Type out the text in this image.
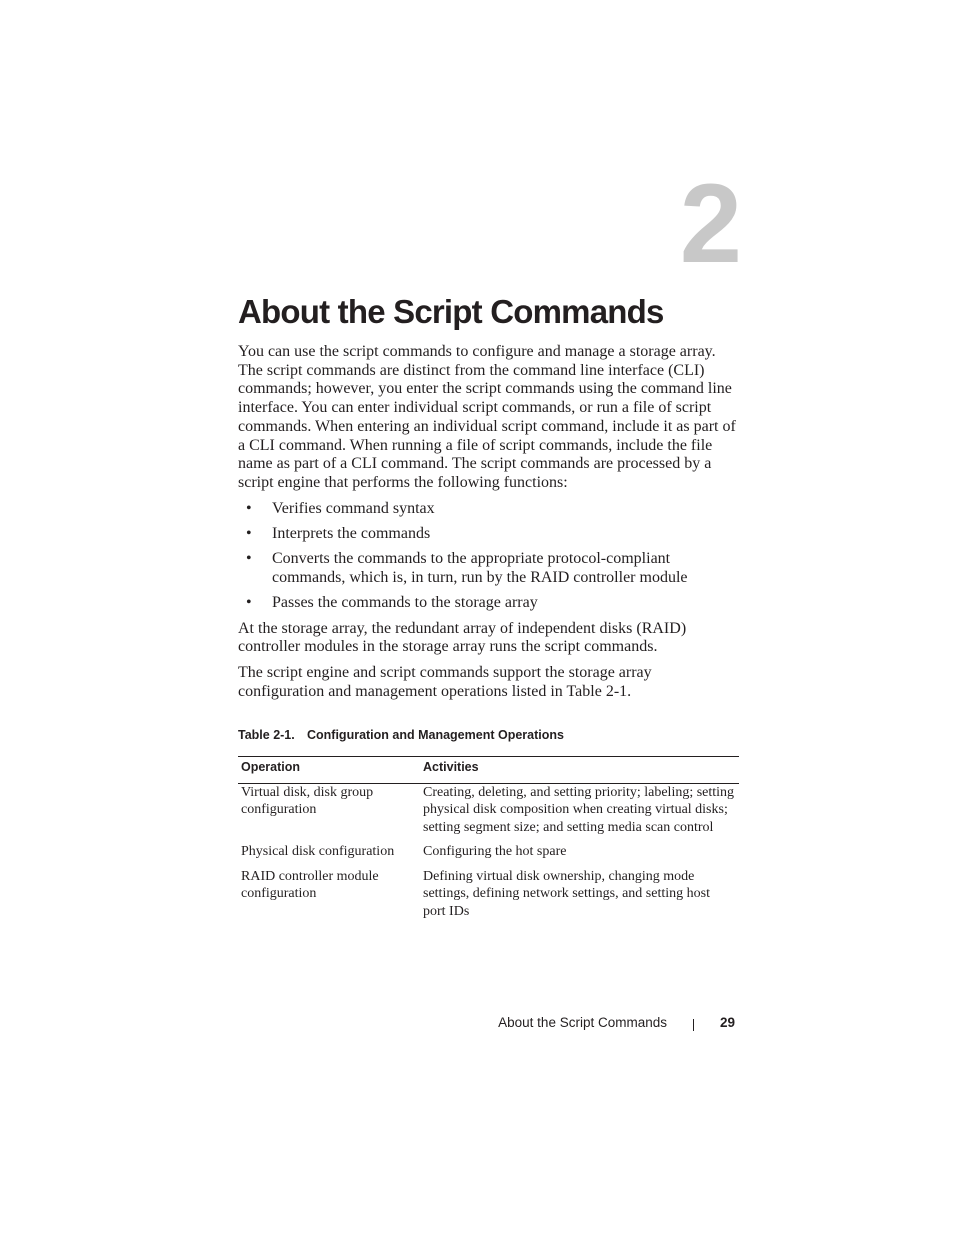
2
About the Script Commands

You can use the script commands to configure and manage a storage array. The script commands are distinct from the command line interface (CLI) commands; however, you enter the script commands using the command line interface. You can enter individual script commands, or run a file of script commands. When entering an individual script command, include it as part of a CLI command. When running a file of script commands, include the file name as part of a CLI command. The script commands are processed by a script engine that performs the following functions:

• Verifies command syntax
• Interprets the commands
• Converts the commands to the appropriate protocol-compliant commands, which is, in turn, run by the RAID controller module
• Passes the commands to the storage array

At the storage array, the redundant array of independent disks (RAID) controller modules in the storage array runs the script commands.

The script engine and script commands support the storage array configuration and management operations listed in Table 2-1.

Table 2-1. Configuration and Management Operations
Operation	Activities
Virtual disk, disk group configuration	Creating, deleting, and setting priority; labeling; setting physical disk composition when creating virtual disks; setting segment size; and setting media scan control
Physical disk configuration	Configuring the hot spare
RAID controller module configuration	Defining virtual disk ownership, changing mode settings, defining network settings, and setting host port IDs
About the Script Commands	29
